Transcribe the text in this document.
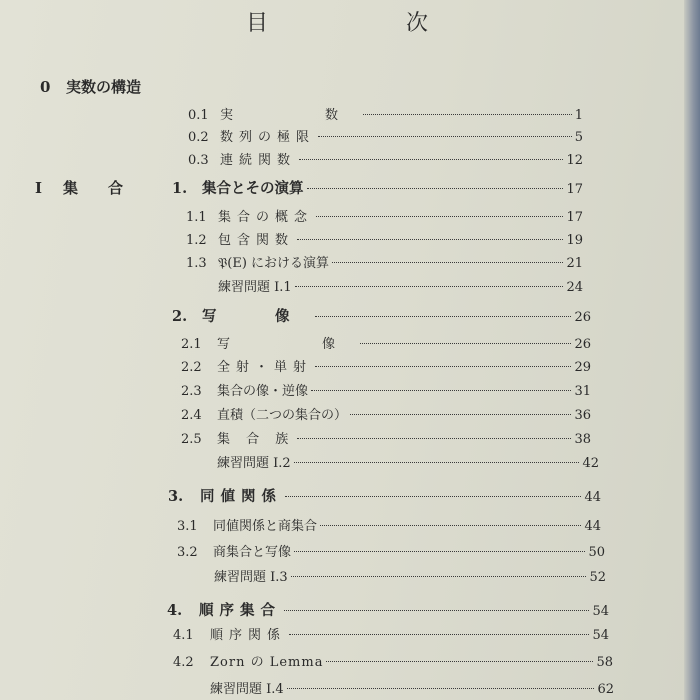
目　次
0 実数の構造
I 集　　合
0.1 実　　数	1
0.2 数列の極限	5
0.3 連続関数	12
1.	集合とその演算	17
1.1 集合の概念	17
1.2 包含関数	19
1.3 𝔓(E) における演算	21
練習問題 I.1	24
2.	写　像	26
2.1	写　　像	26
2.2	全射・単射	29
2.3	集合の像・逆像	31
2.4	直積（二つの集合の）	36
2.5	集 合 族	38
練習問題 I.2	42
3.	同値関係	44
3.1	同値関係と商集合	44
3.2	商集合と写像	50
練習問題 I.3	52
4.	順序集合	54
4.1	順序関係	54
4.2	Zorn の Lemma	58
練習問題 I.4	62
